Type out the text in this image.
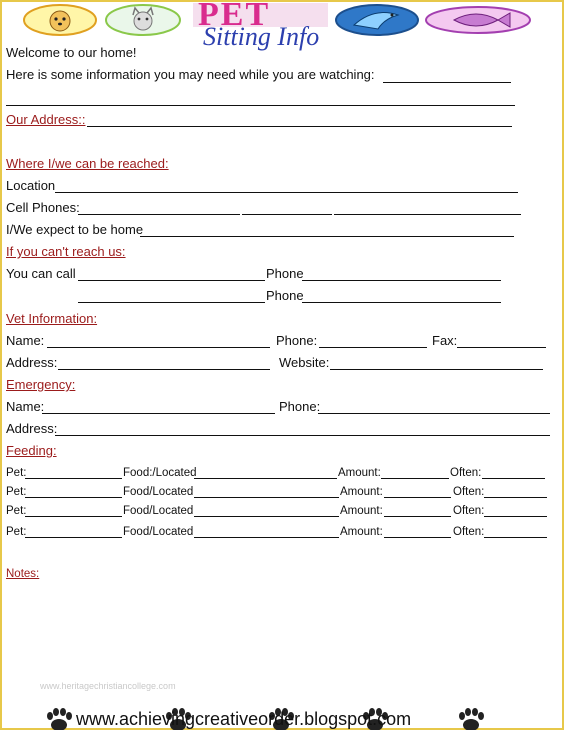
PET
Sitting Info
Welcome to our home!
Here is some information you may need while you are watching:
Our Address::
Where I/we can be reached:
Location
Cell Phones:
I/We expect to be home
If you can't reach us:
You can call	Phone
Phone
Vet Information:
Name:	Phone:	Fax:
Address:	Website:
Emergency:
Name:	Phone:
Address:
Feeding:
Pet:	Food:/Located	Amount:	Often:
Pet:	Food/Located	Amount:	Often:
Pet:	Food/Located	Amount:	Often:
Pet:	Food/Located	Amount:	Often:
Notes:
www.heritagechristiancollege.com
www.achievingcreativeorder.blogspot.com
